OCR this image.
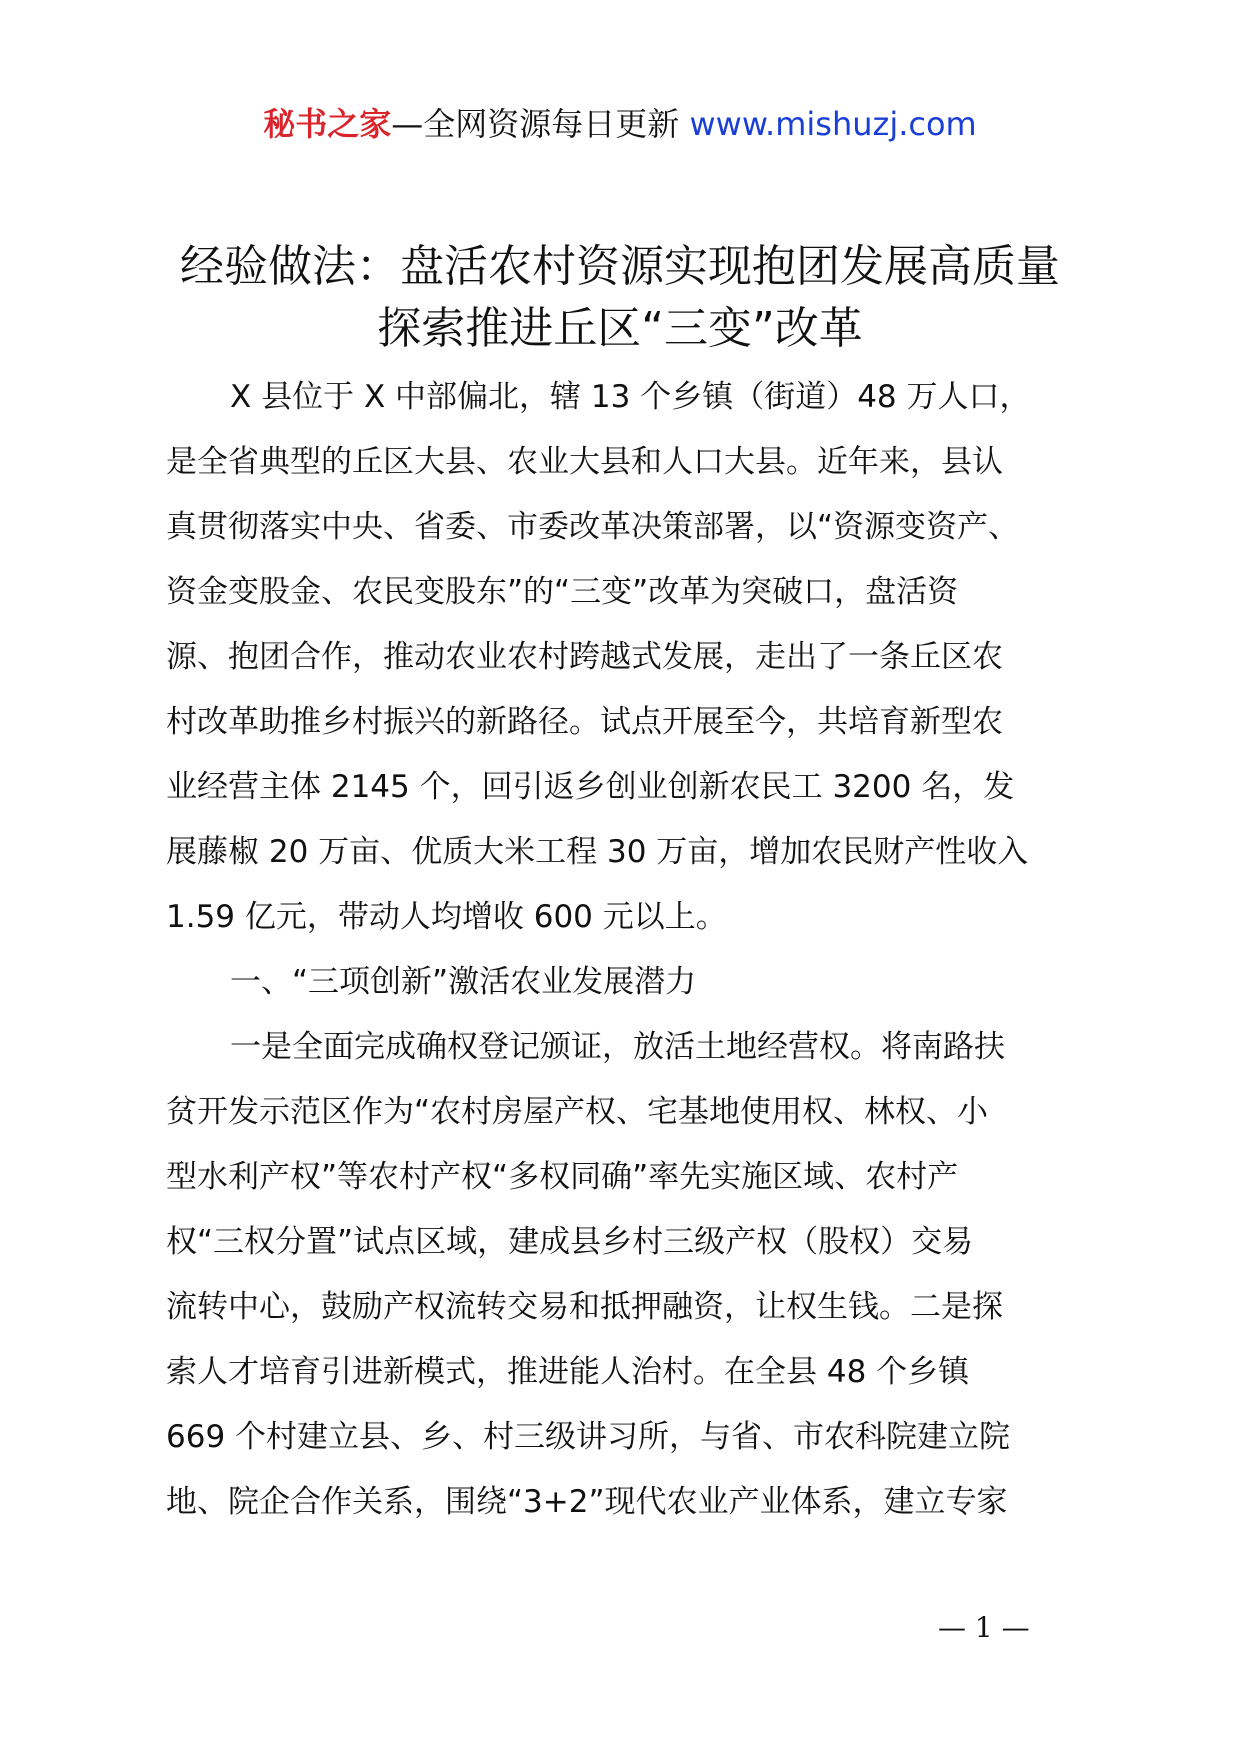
秘书之家—全网资源每日更新 www.mishuzj.com
经验做法：盘活农村资源实现抱团发展高质量
探索推进丘区“三变”改革
X 县位于 X 中部偏北，辖 13 个乡镇（街道）48 万人口，
是全省典型的丘区大县、农业大县和人口大县。近年来，县认
真贯彻落实中央、省委、市委改革决策部署，以“资源变资产、
资金变股金、农民变股东”的“三变”改革为突破口，盘活资
源、抱团合作，推动农业农村跨越式发展，走出了一条丘区农
村改革助推乡村振兴的新路径。试点开展至今，共培育新型农
业经营主体 2145 个，回引返乡创业创新农民工 3200 名，发
展藤椒 20 万亩、优质大米工程 30 万亩，增加农民财产性收入
1.59 亿元，带动人均增收 600 元以上。
一、“三项创新”激活农业发展潜力
一是全面完成确权登记颁证，放活土地经营权。将南路扶
贫开发示范区作为“农村房屋产权、宅基地使用权、林权、小
型水利产权”等农村产权“多权同确”率先实施区域、农村产
权“三权分置”试点区域，建成县乡村三级产权（股权）交易
流转中心，鼓励产权流转交易和抵押融资，让权生钱。二是探
索人才培育引进新模式，推进能人治村。在全县 48 个乡镇
669 个村建立县、乡、村三级讲习所，与省、市农科院建立院
地、院企合作关系，围绕“3+2”现代农业产业体系，建立专家
— 1 —
